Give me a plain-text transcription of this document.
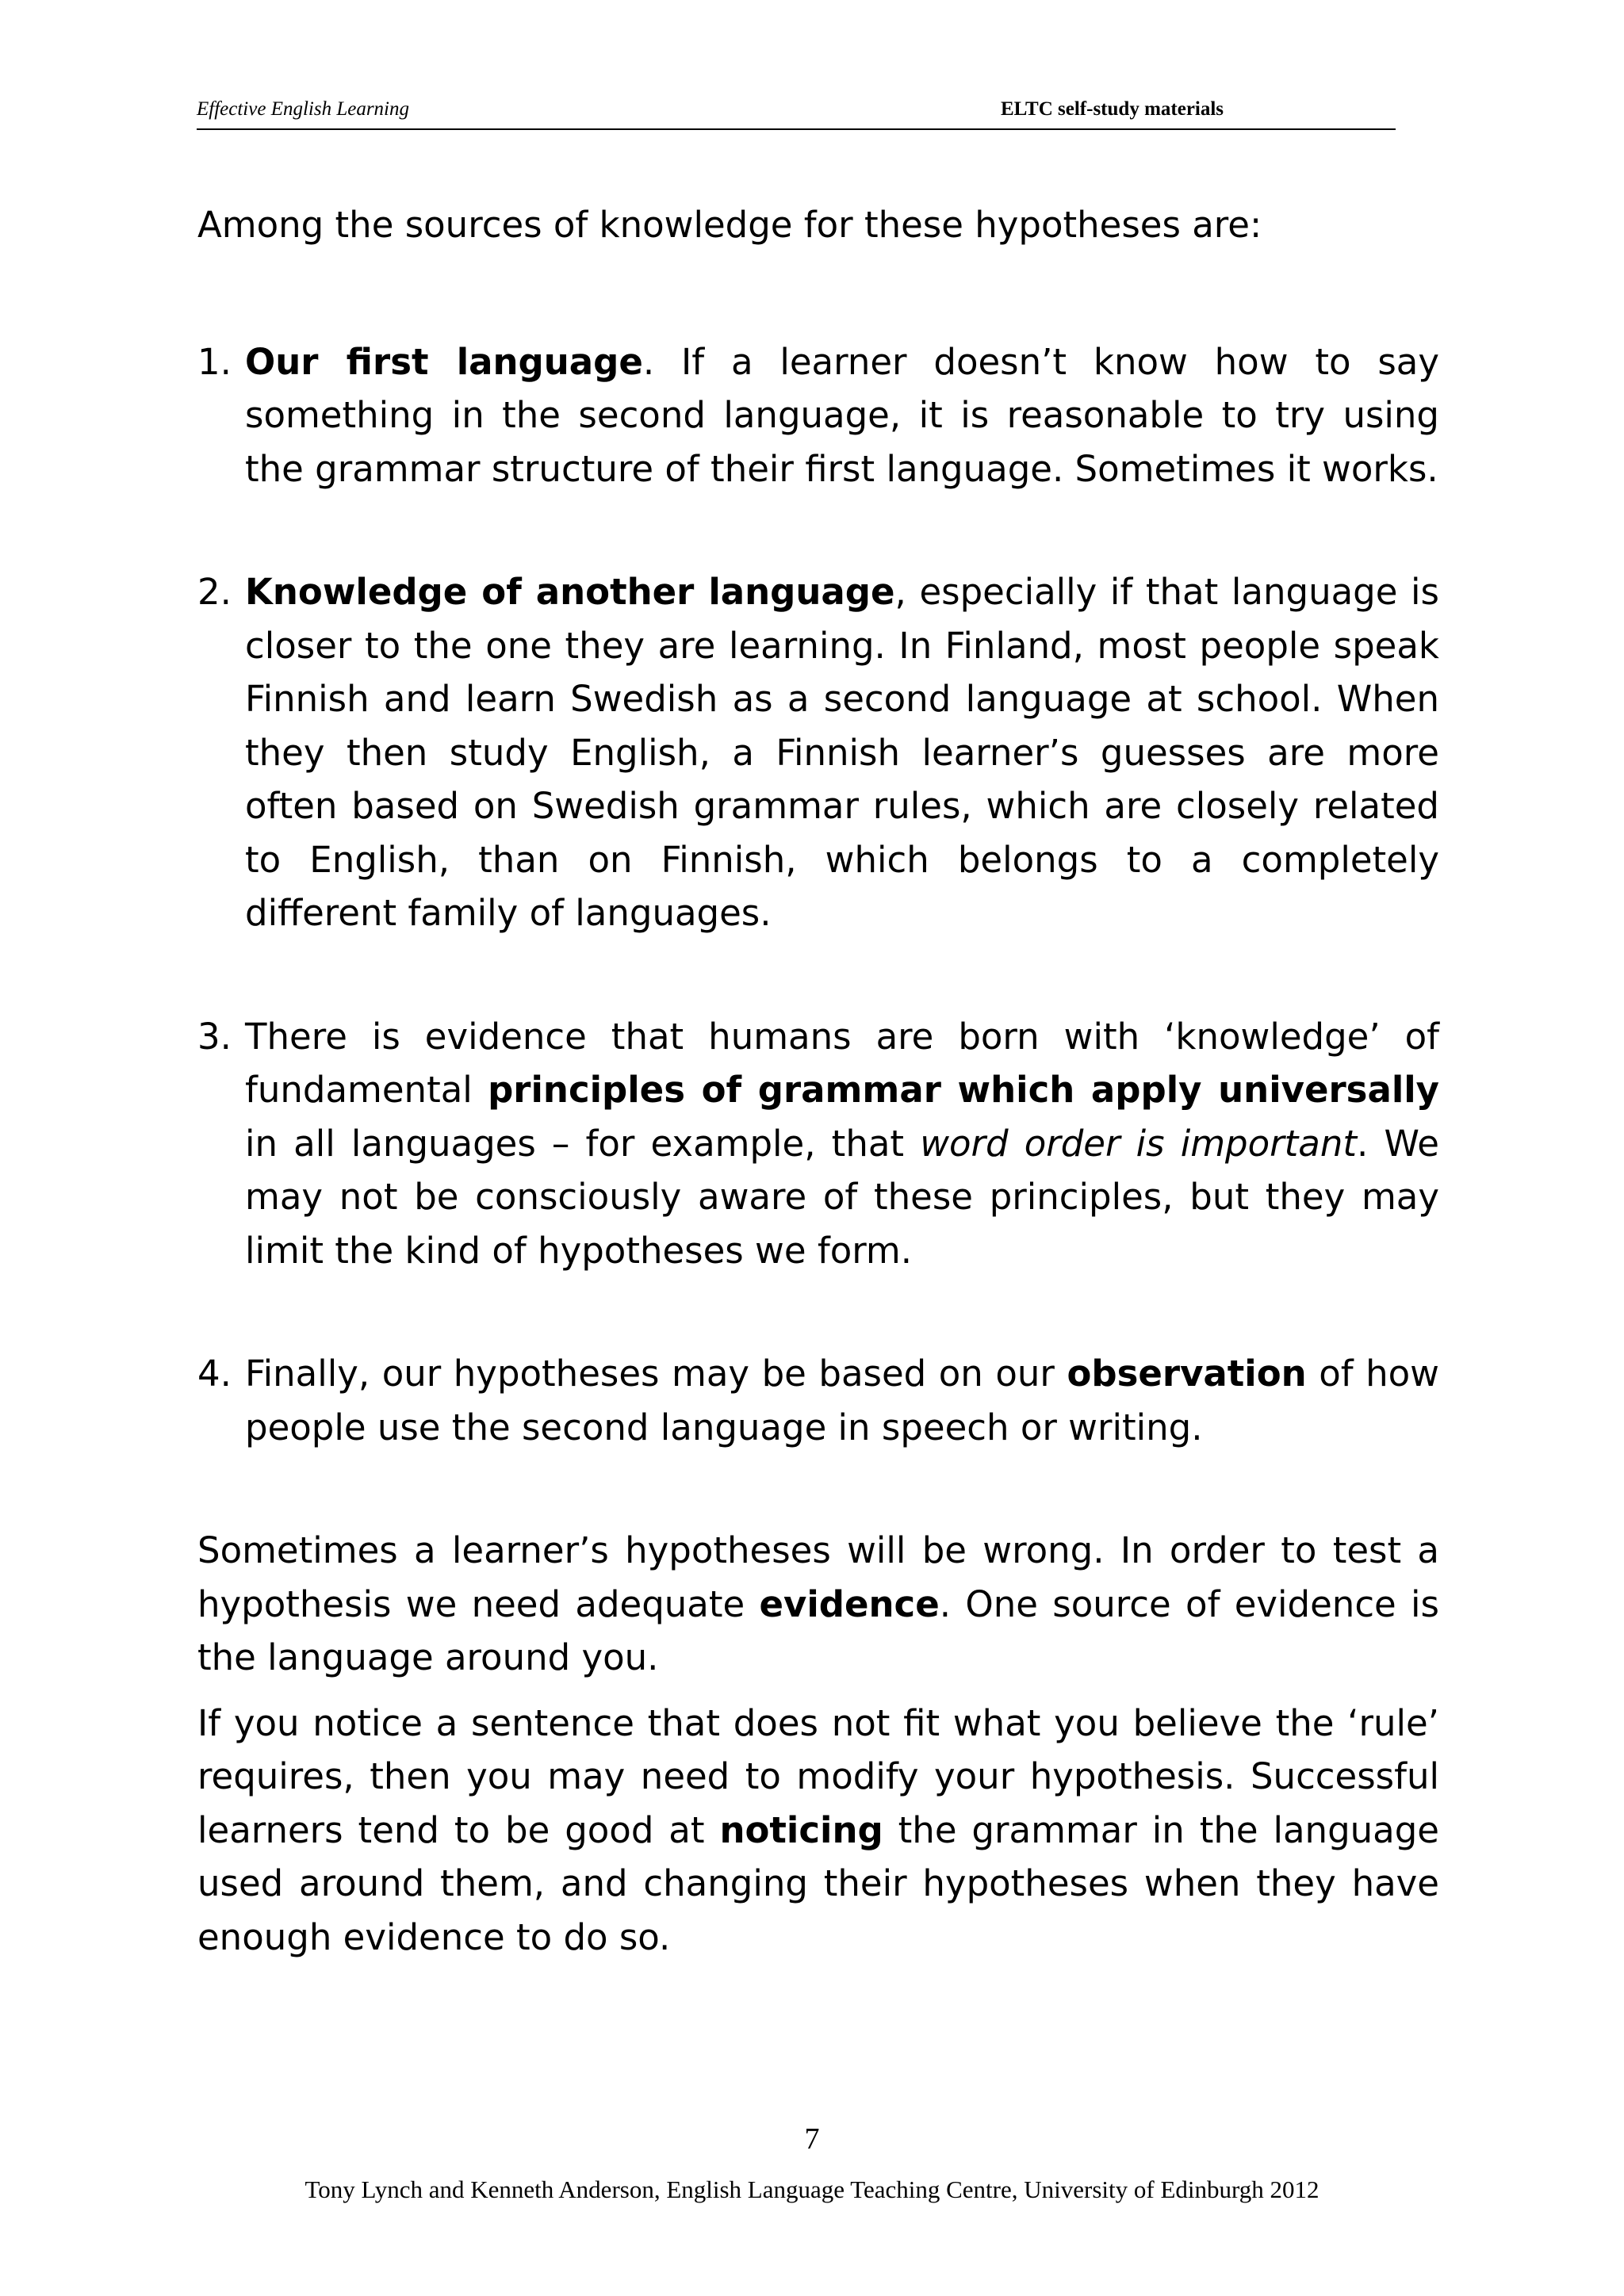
Effective English Learning	ELTC self-study materials

Among the sources of knowledge for these hypotheses are:

1. Our first language. If a learner doesn’t know how to say something in the second language, it is reasonable to try using the grammar structure of their first language. Sometimes it works.
2. Knowledge of another language, especially if that language is closer to the one they are learning. In Finland, most people speak Finnish and learn Swedish as a second language at school. When they then study English, a Finnish learner’s guesses are more often based on Swedish grammar rules, which are closely related to English, than on Finnish, which belongs to a completely different family of languages.
3. There is evidence that humans are born with ‘knowledge’ of fundamental principles of grammar which apply universally in all languages – for example, that word order is important. We may not be consciously aware of these principles, but they may limit the kind of hypotheses we form.
4. Finally, our hypotheses may be based on our observation of how people use the second language in speech or writing.

Sometimes a learner’s hypotheses will be wrong. In order to test a hypothesis we need adequate evidence. One source of evidence is the language around you.

If you notice a sentence that does not fit what you believe the ‘rule’ requires, then you may need to modify your hypothesis. Successful learners tend to be good at noticing the grammar in the language used around them, and changing their hypotheses when they have enough evidence to do so.

7
Tony Lynch and Kenneth Anderson, English Language Teaching Centre, University of Edinburgh 2012
